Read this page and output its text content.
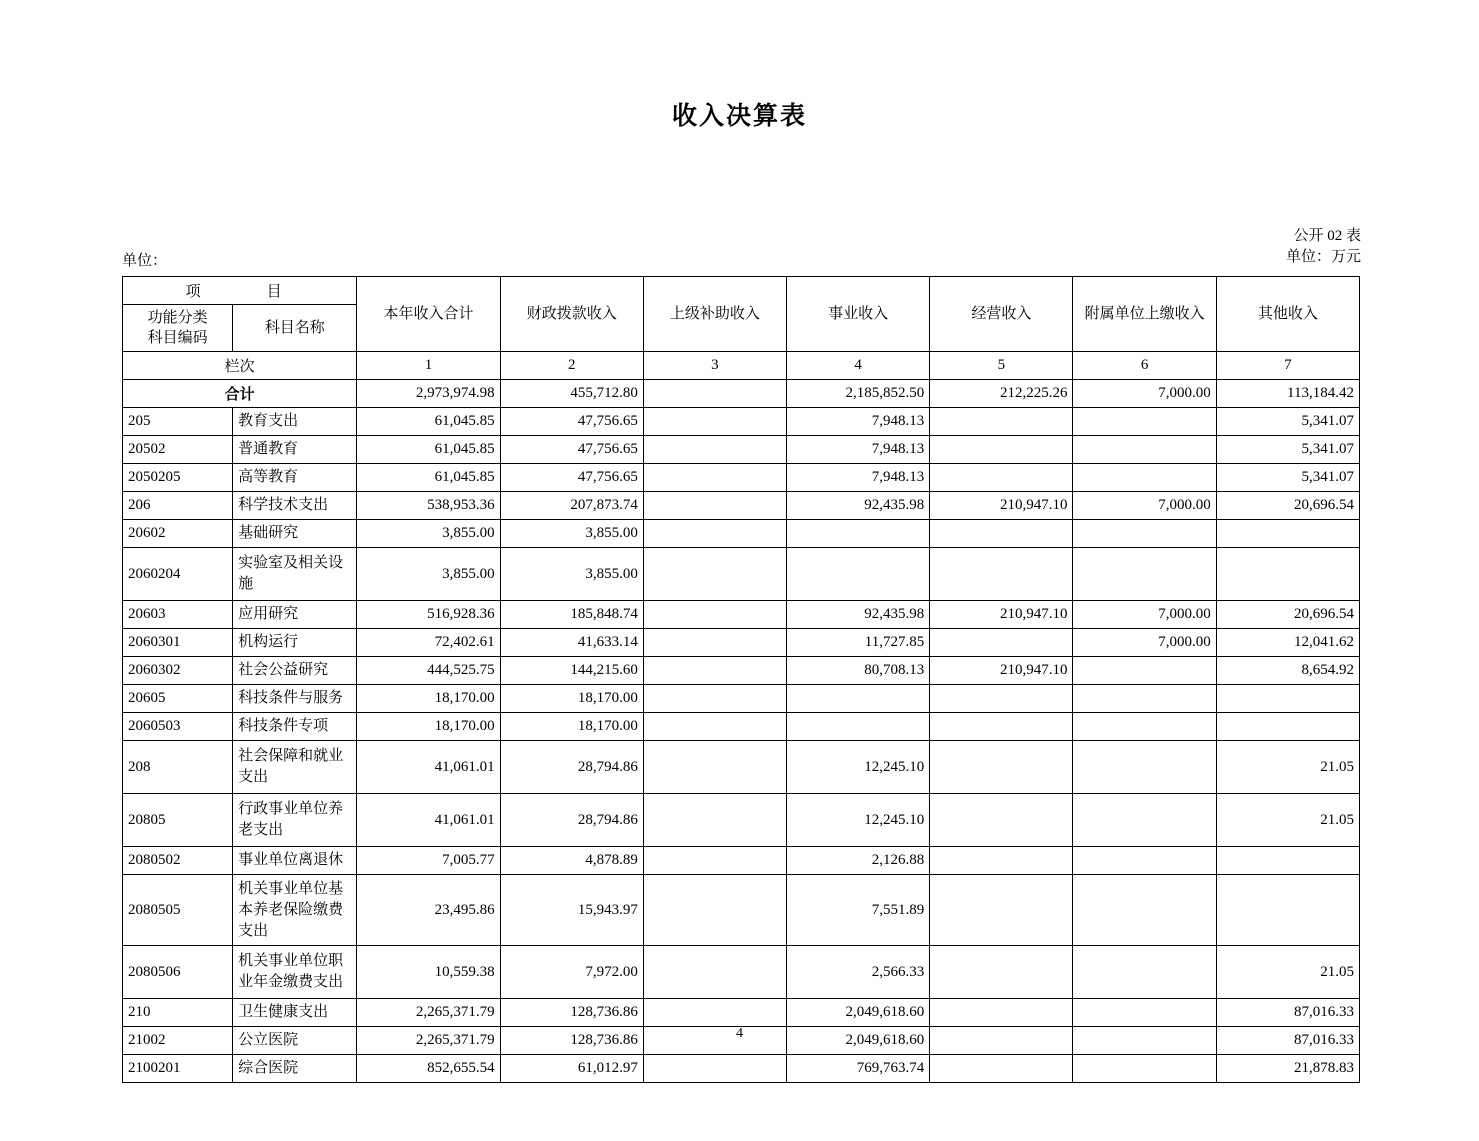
收入决算表
公开 02 表
单位：万元
单位：
项　　目		本年收入合计	财政拨款收入	上级补助收入	事业收入	经营收入	附属单位上缴收入	其他收入
功能分类
科目编码	科目名称							
栏次		1	2	3	4	5	6	7
合计		2,973,974.98	455,712.80		2,185,852.50	212,225.26	7,000.00	113,184.42
205	教育支出	61,045.85	47,756.65		7,948.13			5,341.07
20502	普通教育	61,045.85	47,756.65		7,948.13			5,341.07
2050205	高等教育	61,045.85	47,756.65		7,948.13			5,341.07
206	科学技术支出	538,953.36	207,873.74		92,435.98	210,947.10	7,000.00	20,696.54
20602	基础研究	3,855.00	3,855.00					
2060204	实验室及相关设施	3,855.00	3,855.00					
20603	应用研究	516,928.36	185,848.74		92,435.98	210,947.10	7,000.00	20,696.54
2060301	机构运行	72,402.61	41,633.14		11,727.85		7,000.00	12,041.62
2060302	社会公益研究	444,525.75	144,215.60		80,708.13	210,947.10		8,654.92
20605	科技条件与服务	18,170.00	18,170.00					
2060503	科技条件专项	18,170.00	18,170.00					
208	社会保障和就业支出	41,061.01	28,794.86		12,245.10			21.05
20805	行政事业单位养老支出	41,061.01	28,794.86		12,245.10			21.05
2080502	事业单位离退休	7,005.77	4,878.89		2,126.88			
2080505	机关事业单位基本养老保险缴费支出	23,495.86	15,943.97		7,551.89			
2080506	机关事业单位职业年金缴费支出	10,559.38	7,972.00		2,566.33			21.05
210	卫生健康支出	2,265,371.79	128,736.86		2,049,618.60			87,016.33
21002	公立医院	2,265,371.79	128,736.86		2,049,618.60			87,016.33
2100201	综合医院	852,655.54	61,012.97		769,763.74			21,878.83
4
